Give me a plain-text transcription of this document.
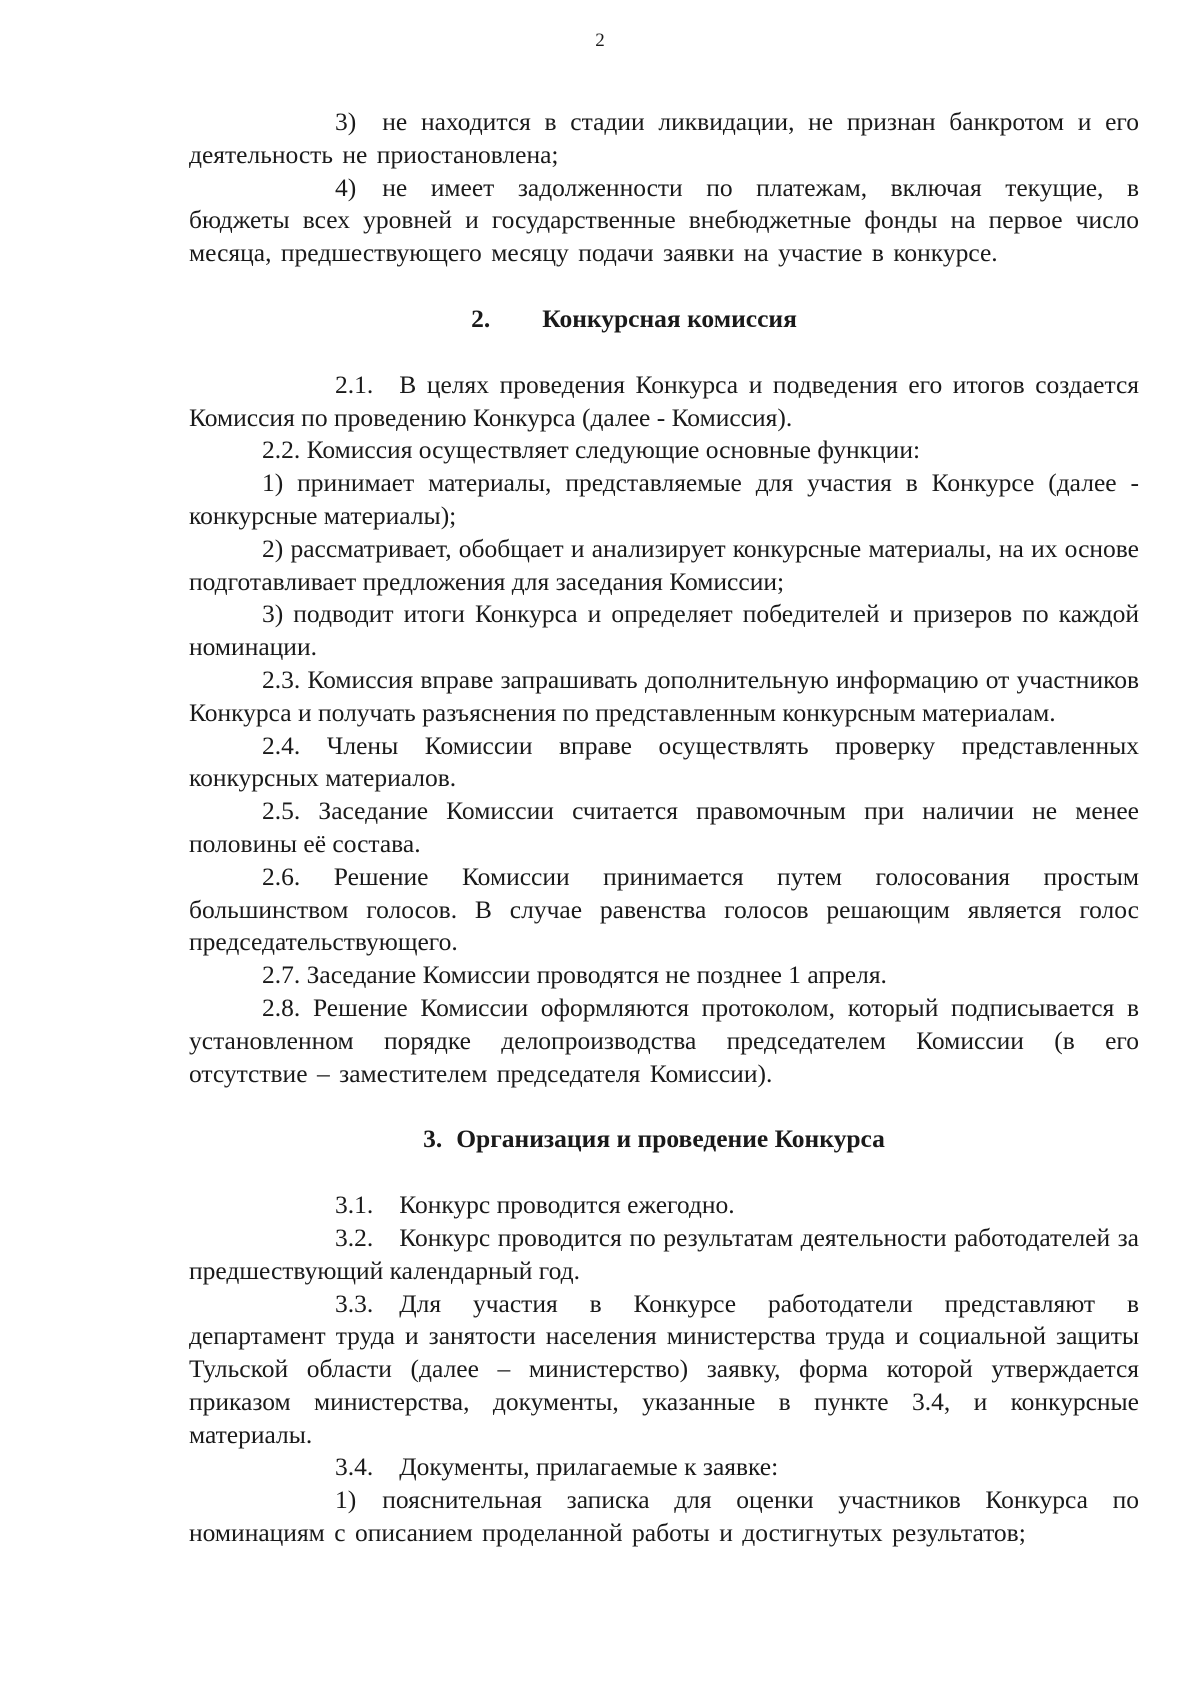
2

3) не находится в стадии ликвидации, не признан банкротом и его деятельность не приостановлена;

4) не имеет задолженности по платежам, включая текущие, в бюджеты всех уровней и государственные внебюджетные фонды на первое число месяца, предшествующего месяцу подачи заявки на участие в конкурсе.

2. Конкурсная комиссия

2.1. В целях проведения Конкурса и подведения его итогов создается Комиссия по проведению Конкурса (далее - Комиссия).

2.2. Комиссия осуществляет следующие основные функции:

1) принимает материалы, представляемые для участия в Конкурсе (далее - конкурсные материалы);

2) рассматривает, обобщает и анализирует конкурсные материалы, на их основе подготавливает предложения для заседания Комиссии;

3) подводит итоги Конкурса и определяет победителей и призеров по каждой номинации.

2.3. Комиссия вправе запрашивать дополнительную информацию от участников Конкурса и получать разъяснения по представленным конкурсным материалам.

2.4. Члены Комиссии вправе осуществлять проверку представленных конкурсных материалов.

2.5. Заседание Комиссии считается правомочным при наличии не менее половины её состава.

2.6. Решение Комиссии принимается путем голосования простым большинством голосов. В случае равенства голосов решающим является голос председательствующего.

2.7. Заседание Комиссии проводятся не позднее 1 апреля.

2.8. Решение Комиссии оформляются протоколом, который подписывается в установленном порядке делопроизводства председателем Комиссии (в его отсутствие – заместителем председателя Комиссии).

3. Организация и проведение Конкурса

3.1. Конкурс проводится ежегодно.

3.2. Конкурс проводится по результатам деятельности работодателей за предшествующий календарный год.

3.3. Для участия в Конкурсе работодатели представляют в департамент труда и занятости населения министерства труда и социальной защиты Тульской области (далее – министерство) заявку, форма которой утверждается приказом министерства, документы, указанные в пункте 3.4, и конкурсные материалы.

3.4. Документы, прилагаемые к заявке:

1) пояснительная записка для оценки участников Конкурса по номинациям с описанием проделанной работы и достигнутых результатов;
